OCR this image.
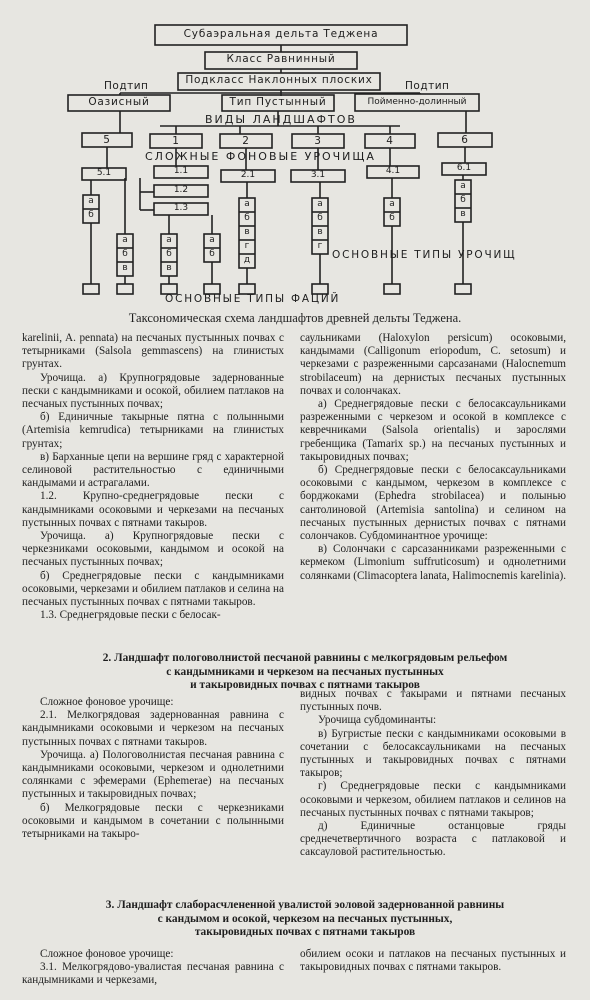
Субаэральная дельта Теджена
Класс Равнинный
Подкласс Наклонных плоских
Подтип	Подтип
Оазисный	Тип Пустынный	Пойменно-долинный
ВИДЫ ЛАНДШАФТОВ
5	1	2	3	4	6
СЛОЖНЫЕ ФОНОВЫЕ УРОЧИЩА
5.1	1.1
1.2
1.3
2.1	3.1	4.1	6.1
а
б
а
б
в
а
б
в
а
б
а
б
в
г
д
а
б
в
г
а
б
а
б
в
ОСНОВНЫЕ ТИПЫ УРОЧИЩ
ОСНОВНЫЕ ТИПЫ ФАЦИЙ
Таксономическая схема ландшафтов древней дельты Теджена.

karelinii, A. pennata) на песчаных пустынных почвах с тетырниками (Salsola gemmascens) на глинистых грунтах.

Урочища. а) Крупногрядовые задернованные пески с кандымниками и осокой, обилием патлаков на песчаных пустынных почвах;

б) Единичные такырные пятна с полынными (Artemisia kemrudica) тетырниками на глинистых грунтах;

в) Барханные цепи на вершине гряд с характерной селиновой растительностью с единичными кандымами и астрагалами.

1.2. Крупно-среднегрядовые пески с кандымниками осоковыми и черкезами на песчаных пустынных почвах с пятнами такыров.

Урочища. а) Крупногрядовые пески с черкезниками осоковыми, кандымом и осокой на песчаных пустынных почвах;

б) Среднегрядовые пески с кандымниками осоковыми, черкезами и обилием патлаков и селина на песчаных пустынных почвах с пятнами такыров.

1.3. Среднегрядовые пески с белосак-

саульниками (Haloxylon persicum) осоковыми, кандымами (Calligonum eriopodum, C. setosum) и черкезами с разреженными сарсазанами (Halocnemum strobilaceum) на дернистых песчаных пустынных почвах и солончаках.

а) Среднегрядовые пески с белосаксаульниками разреженными с черкезом и осокой в комплексе с кевречниками (Salsola orientalis) и зарослями гребенщика (Tamarix sp.) на песчаных пустынных и такыровидных почвах;

б) Среднегрядовые пески с белосаксаульниками осоковыми с кандымом, черкезом в комплексе с борджоками (Ephedra strobilacea) и полынью сантолиновой (Artemisia santolina) и селином на песчаных пустынных дернистых почвах с пятнами солончаков. Субдоминантное урочище:

в) Солончаки с сарсазанниками разреженными с кермеком (Limonium suffruticosum) и однолетними солянками (Climacoptera lanata, Halimocnemis karelinia).

2. Ландшафт пологоволнистой песчаной равнины с мелкогрядовым рельефом
с кандымниками и черкезом на песчаных пустынных
и такыровидных почвах с пятнами такыров

Сложное фоновое урочище:

2.1. Мелкогрядовая задернованная равнина с кандымниками осоковыми и черкезом на песчаных пустынных почвах с пятнами такыров.

Урочища. а) Пологоволнистая песчаная равнина с кандымниками осоковыми, черкезом и однолетними солянками с эфемерами (Ephemerae) на песчаных пустынных и такыровидных почвах;

б) Мелкогрядовые пески с черкезниками осоковыми и кандымом в сочетании с полынными тетырниками на такыро-

видных почвах с такырами и пятнами песчаных пустынных почв.

Урочища субдоминанты:

в) Бугристые пески с кандымниками осоковыми в сочетании с белосаксаульниками на песчаных пустынных и такыровидных почвах с пятнами такыров;

г) Среднегрядовые пески с кандымниками осоковыми и черкезом, обилием патлаков и селинов на песчаных пустынных почвах с пятнами такыров;

д) Единичные останцовые гряды среднечетвертичного возраста с патлаковой и саксауловой растительностью.

3. Ландшафт слаборасчлененной увалистой эоловой задернованной равнины
с кандымом и осокой, черкезом на песчаных пустынных,
такыровидных почвах с пятнами такыров

Сложное фоновое урочище:

3.1. Мелкогрядово-увалистая песчаная равнина с кандымниками и черкезами,

обилием осоки и патлаков на песчаных пустынных и такыровидных почвах с пятнами такыров.
